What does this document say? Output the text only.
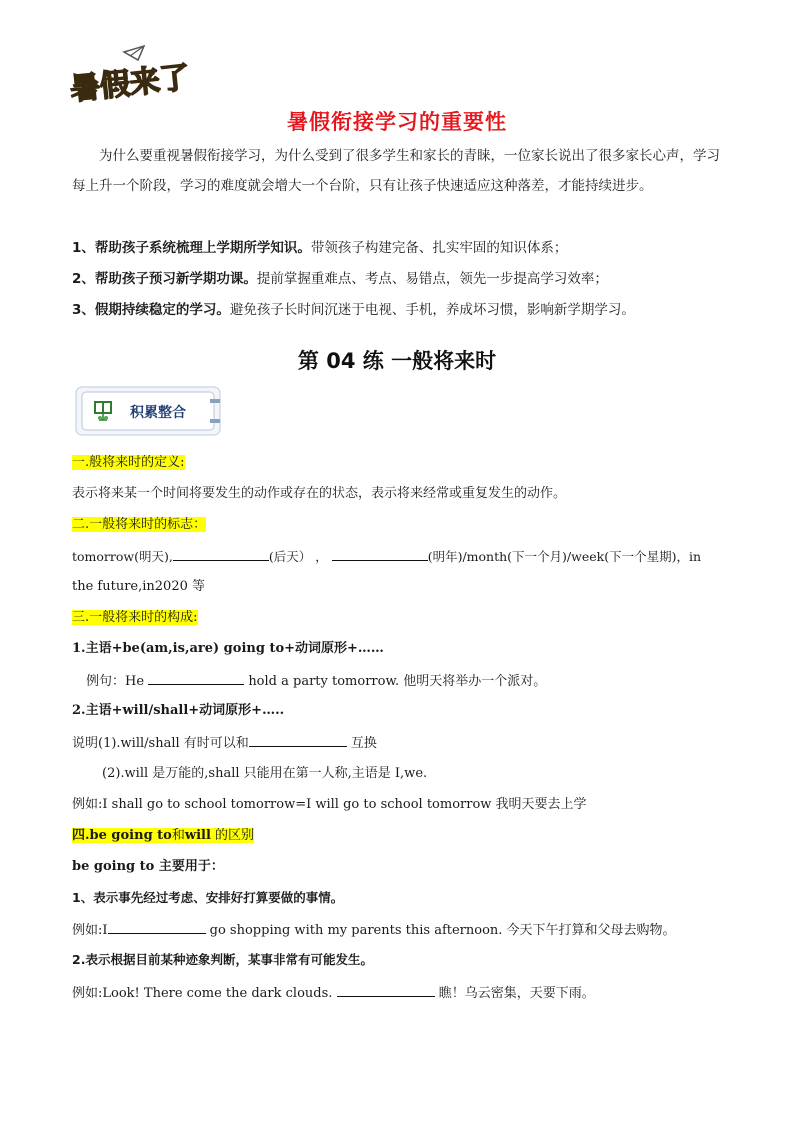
暑假来了
暑假衔接学习的重要性
为什么要重视暑假衔接学习，为什么受到了很多学生和家长的青睐，一位家长说出了很多家长心声，学习每上升一个阶段，学习的难度就会增大一个台阶，只有让孩子快速适应这种落差，才能持续进步。
1、帮助孩子系统梳理上学期所学知识。带领孩子构建完备、扎实牢固的知识体系；
2、帮助孩子预习新学期功课。提前掌握重难点、考点、易错点，领先一步提高学习效率；
3、假期持续稳定的学习。避免孩子长时间沉迷于电视、手机，养成坏习惯，影响新学期学习。
第 04 练 一般将来时
积累整合
一.般将来时的定义:
表示将来某一个时间将要发生的动作或存在的状态，表示将来经常或重复发生的动作。
二.一般将来时的标志：
tomorrow(明天),	(后天） ，	(明年)/month(下一个月)/week(下一个星期)，in
the future,in2020 等
三.一般将来时的构成:
1.主语+be(am,is,are) going to+动词原形+……
例句：He	hold a party tomorrow. 他明天将举办一个派对。
2.主语+will/shall+动词原形+…..
说明(1).will/shall 有时可以和	互换
(2).will 是万能的,shall 只能用在第一人称,主语是 I,we.
例如:I shall go to school tomorrow=I will go to school tomorrow 我明天要去上学
四.be going to和will 的区别
be going to 主要用于：
1、表示事先经过考虑、安排好打算要做的事情。
例如:I	go shopping with my parents this afternoon. 今天下午打算和父母去购物。
2.表示根据目前某种迹象判断，某事非常有可能发生。
例如:Look! There come the dark clouds.	瞧！乌云密集，天要下雨。
